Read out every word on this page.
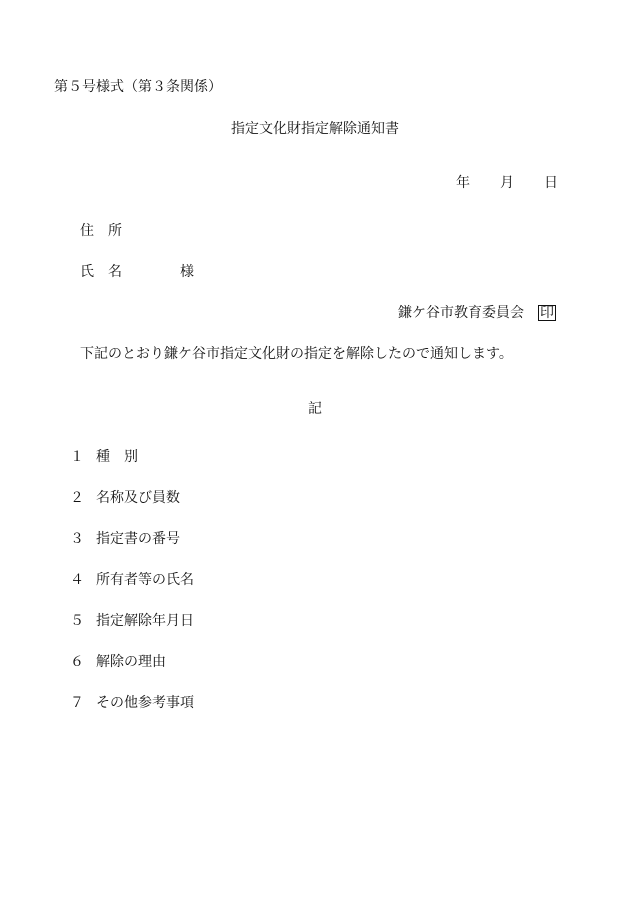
第５号様式（第３条関係）
指定文化財指定解除通知書
年 月 日
住　所
氏　名	様
鎌ケ谷市教育委員会 印
下記のとおり鎌ケ谷市指定文化財の指定を解除したので通知します。
記
１ 種　別
２ 名称及び員数
３ 指定書の番号
４ 所有者等の氏名
５ 指定解除年月日
６ 解除の理由
７ その他参考事項
